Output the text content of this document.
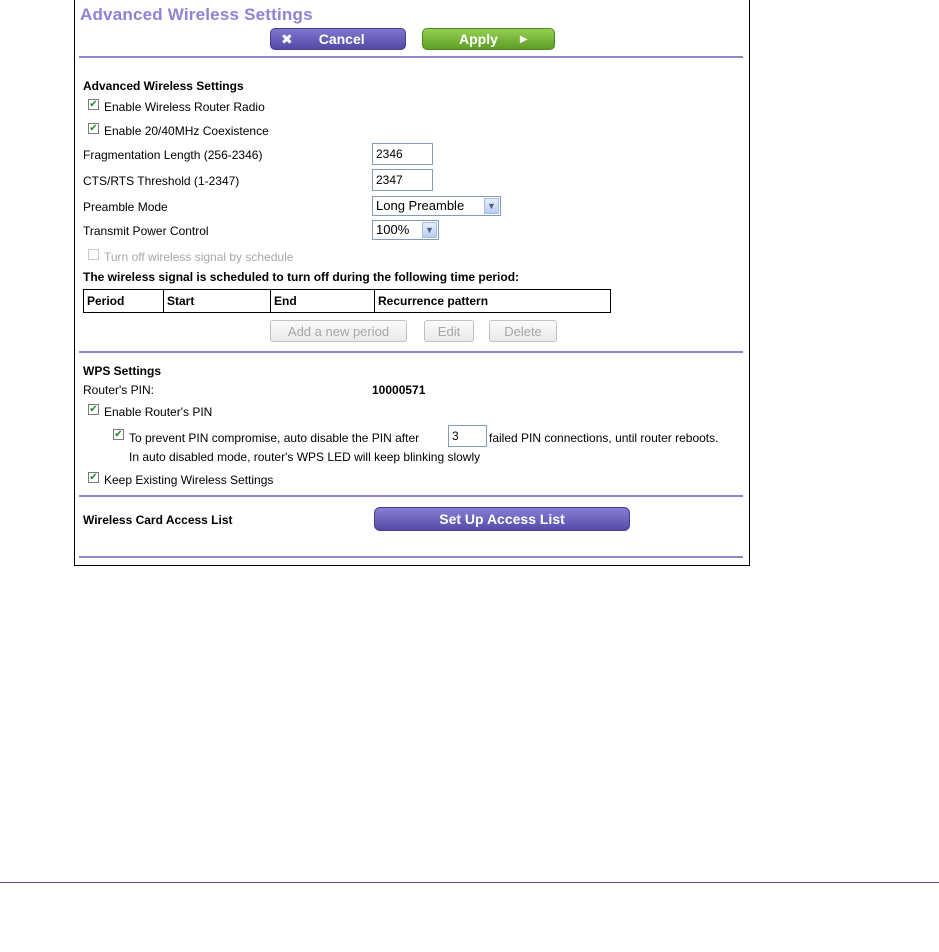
Advanced Wireless Settings
✖ Cancel	Apply ▶
Advanced Wireless Settings
✔ Enable Wireless Router Radio
✔ Enable 20/40MHz Coexistence
Fragmentation Length (256-2346)	2346
CTS/RTS Threshold (1-2347)	2347
Preamble Mode	Long Preamble	▼
Transmit Power Control	100%	▼
Turn off wireless signal by schedule
The wireless signal is scheduled to turn off during the following time period:
Period	Start	End	Recurrence pattern
Add a new period	Edit	Delete
WPS Settings
Router's PIN:	10000571
✔ Enable Router's PIN
✔ To prevent PIN compromise, auto disable the PIN after	3	failed PIN connections, until router reboots.
In auto disabled mode, router's WPS LED will keep blinking slowly
✔ Keep Existing Wireless Settings
Wireless Card Access List	Set Up Access List
